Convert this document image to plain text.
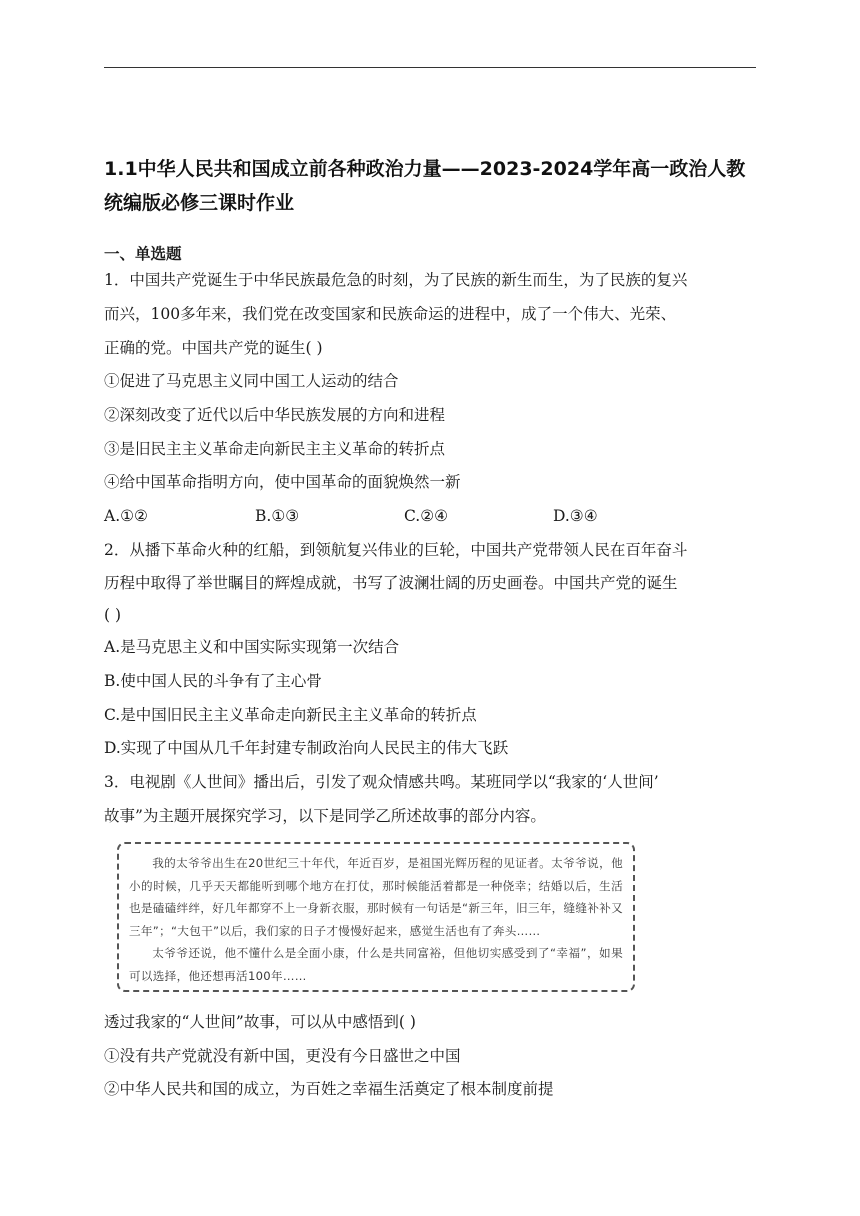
1.1中华人民共和国成立前各种政治力量——2023-2024学年高一政治人教统编版必修三课时作业
一、单选题
1．中国共产党诞生于中华民族最危急的时刻，为了民族的新生而生，为了民族的复兴
而兴，100多年来，我们党在改变国家和民族命运的进程中，成了一个伟大、光荣、
正确的党。中国共产党的诞生( )
①促进了马克思主义同中国工人运动的结合
②深刻改变了近代以后中华民族发展的方向和进程
③是旧民主主义革命走向新民主主义革命的转折点
④给中国革命指明方向，使中国革命的面貌焕然一新
A.①②	B.①③	C.②④	D.③④
2．从播下革命火种的红船，到领航复兴伟业的巨轮，中国共产党带领人民在百年奋斗
历程中取得了举世瞩目的辉煌成就，书写了波澜壮阔的历史画卷。中国共产党的诞生
( )
A.是马克思主义和中国实际实现第一次结合
B.使中国人民的斗争有了主心骨
C.是中国旧民主主义革命走向新民主主义革命的转折点
D.实现了中国从几千年封建专制政治向人民民主的伟大飞跃
3．电视剧《人世间》播出后，引发了观众情感共鸣。某班同学以“我家的‘人世间’
故事”为主题开展探究学习，以下是同学乙所述故事的部分内容。

我的太爷爷出生在20世纪三十年代，年近百岁，是祖国光辉历程的见证者。太爷爷说，他小的时候，几乎天天都能听到哪个地方在打仗，那时候能活着都是一种侥幸；结婚以后，生活也是磕磕绊绊，好几年都穿不上一身新衣服，那时候有一句话是“新三年，旧三年，缝缝补补又三年”；“大包干”以后，我们家的日子才慢慢好起来，感觉生活也有了奔头……

太爷爷还说，他不懂什么是全面小康，什么是共同富裕，但他切实感受到了“幸福”，如果可以选择，他还想再活100年……

透过我家的“人世间”故事，可以从中感悟到( )
①没有共产党就没有新中国，更没有今日盛世之中国
②中华人民共和国的成立，为百姓之幸福生活奠定了根本制度前提
